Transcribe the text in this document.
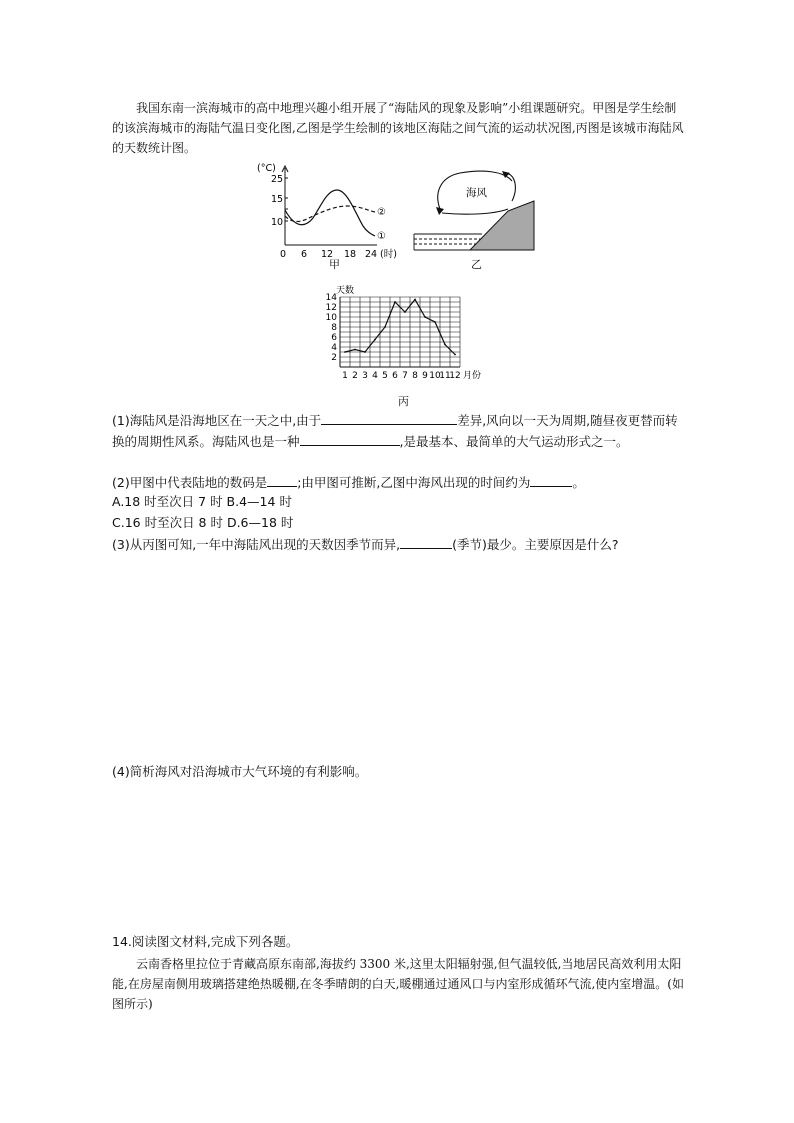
我国东南一滨海城市的高中地理兴趣小组开展了“海陆风的现象及影响”小组课题研究。甲图是学生绘制的该滨海城市的海陆气温日变化图,乙图是学生绘制的该地区海陆之间气流的运动状况图,丙图是该城市海陆风的天数统计图。
(°C)
25
15
10
0 6 12 18 24 (时)
②
①
甲
海风
乙
2
4
6
8
10
12
14
天数
1 2 3 4 5 6 7 8 9 10
11
12 月份
丙
(1)海陆风是沿海地区在一天之中,由于	差异,风向以一天为周期,随昼夜更替而转换的周期性风系。海陆风也是一种	,是最基本、最简单的大气运动形式之一。
(2)甲图中代表陆地的数码是 ;由甲图可推断,乙图中海风出现的时间约为	。
A.18 时至次日 7 时 B.4—14 时
C.16 时至次日 8 时 D.6—18 时
(3)从丙图可知,一年中海陆风出现的天数因季节而异,	(季节)最少。主要原因是什么?
(4)简析海风对沿海城市大气环境的有利影响。
14.阅读图文材料,完成下列各题。
云南香格里拉位于青藏高原东南部,海拔约 3300 米,这里太阳辐射强,但气温较低,当地居民高效利用太阳能,在房屋南侧用玻璃搭建绝热暖棚,在冬季晴朗的白天,暖棚通过通风口与内室形成循环气流,使内室增温。(如图所示)
